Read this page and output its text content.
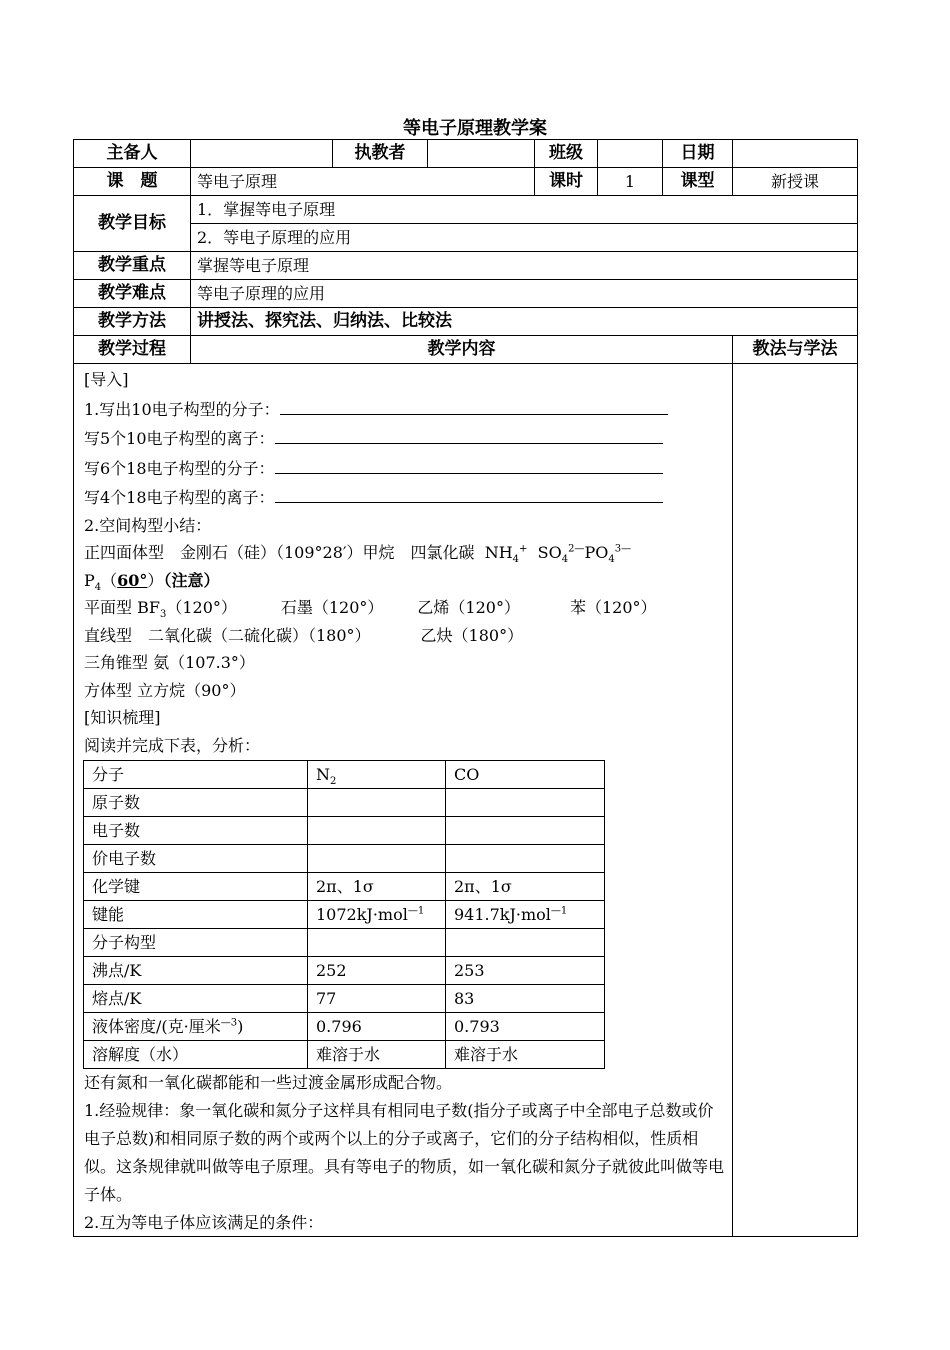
等电子原理教学案
主备人		执教者		班级		日期	
课　题	等电子原理	课时	1	课型	新授课
教学目标	1．掌握等电子原理
2．等电子原理的应用
教学重点	掌握等电子原理
教学难点	等电子原理的应用
教学方法	讲授法、探究法、归纳法、比较法
教学过程	教学内容	教法与学法

[导入]
1.写出10电子构型的分子：
写5个10电子构型的离子：
写6个18电子构型的分子：
写4个18电子构型的离子：
2.空间构型小结：
正四面体型　金刚石（硅）（109°28′）甲烷　四氯化碳 $NH_4^+$ $SO_4^{2—}PO_4^{3—}$
$P_4(60^\circ)$（注意）
平面型 $BF_3(120^\circ)$	石墨（120°） 乙烯（120°）	苯（120°）
直线型　二氧化碳（二硫化碳）（180°）	乙炔（180°）
三角锥型 氨（107.3°）
方体型 立方烷（90°）
[知识梳理]
阅读并完成下表，分析：
分子	$N_2$	CO
原子数		
电子数		
价电子数		
化学键	2π、1σ	2π、1σ
键能	1072kJ·mol$^{—1}$	941.7kJ·mol$^{—1}$
分子构型		
沸点/K	252	253
熔点/K	77	83
液体密度/(克·厘米$^{—3}$)	0.796	0.793
溶解度（水）	难溶于水	难溶于水
还有氮和一氧化碳都能和一些过渡金属形成配合物。
1.经验规律：象一氧化碳和氮分子这样具有相同电子数(指分子或离子中全部电子总数或价电子总数)和相同原子数的两个或两个以上的分子或离子，它们的分子结构相似，性质相似。这条规律就叫做等电子原理。具有等电子的物质，如一氧化碳和氮分子就彼此叫做等电子体。
2.互为等电子体应该满足的条件：
